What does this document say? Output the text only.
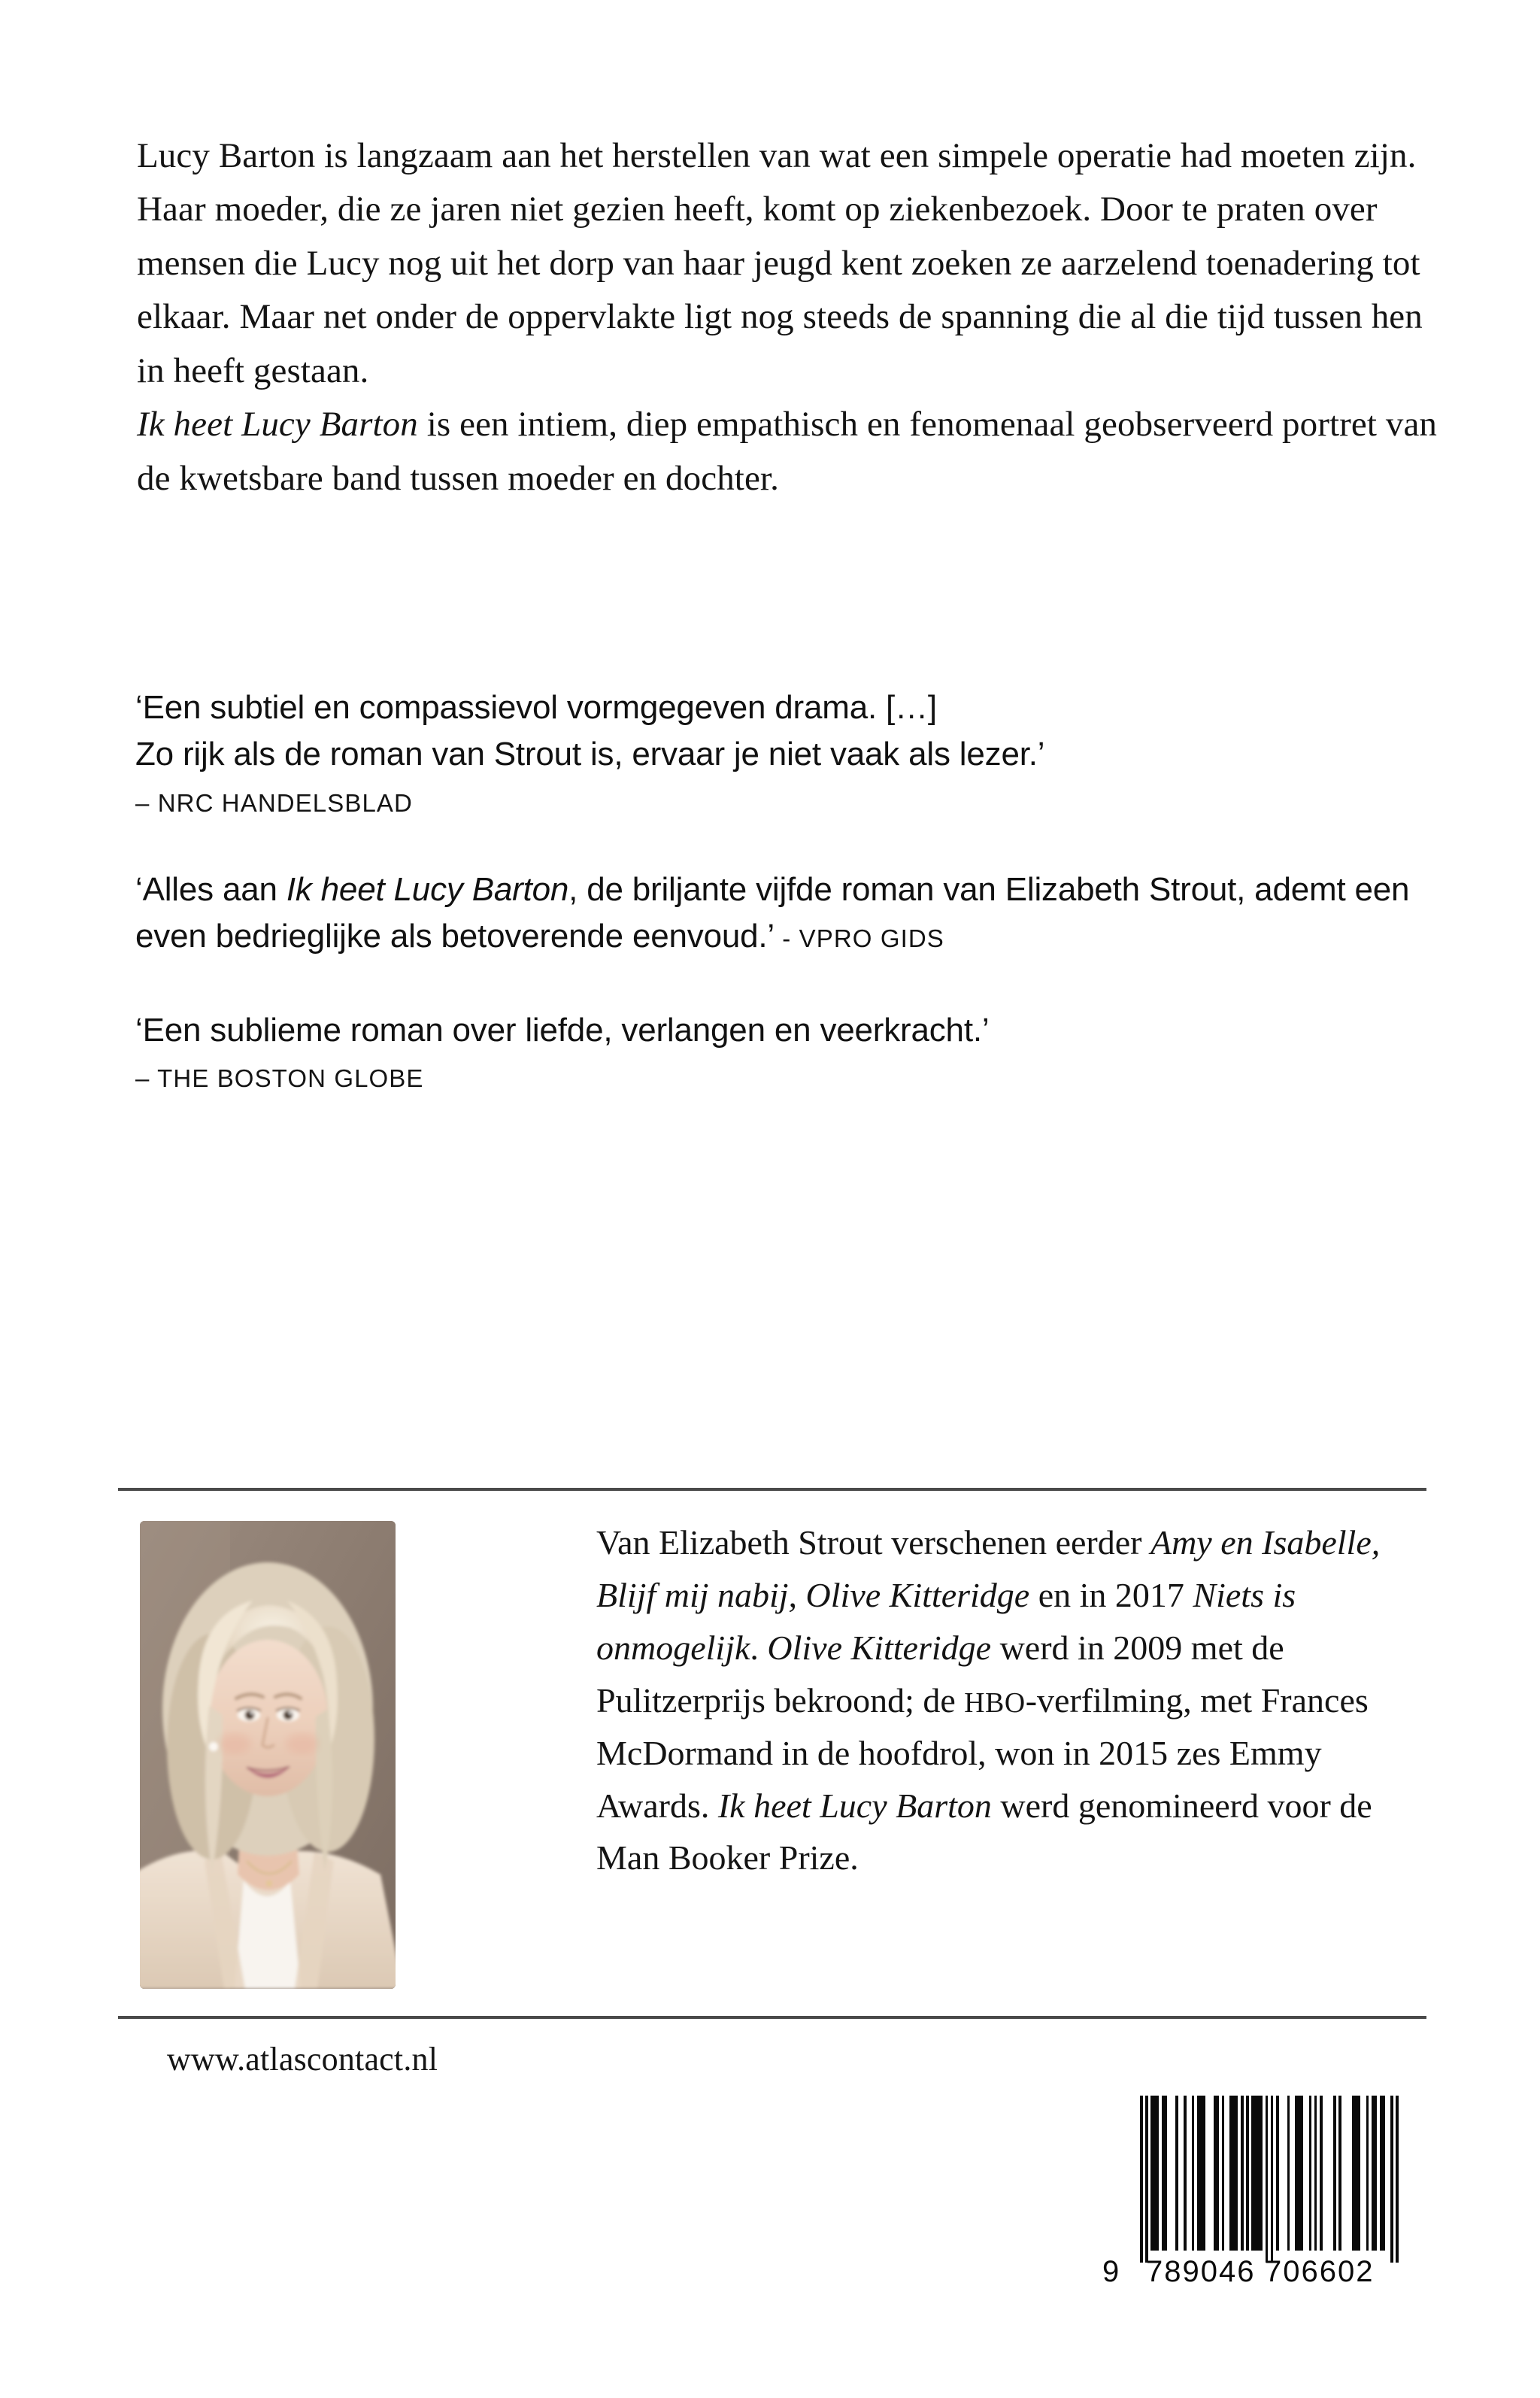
Lucy Barton is langzaam aan het herstellen van wat een simpele operatie had moeten zijn. Haar moeder, die ze jaren niet gezien heeft, komt op ziekenbezoek. Door te praten over mensen die Lucy nog uit het dorp van haar jeugd kent zoeken ze aarzelend toenadering tot elkaar. Maar net onder de oppervlakte ligt nog steeds de spanning die al die tijd tussen hen in heeft gestaan.

Ik heet Lucy Barton is een intiem, diep empathisch en fenomenaal geobserveerd portret van de kwetsbare band tussen moeder en dochter.

‘Een subtiel en compassievol vormgegeven drama. […]
Zo rijk als de roman van Strout is, ervaar je niet vaak als lezer.’
– NRC HANDELSBLAD
‘Alles aan Ik heet Lucy Barton, de briljante vijfde roman van Elizabeth Strout, ademt een even bedrieglijke als betoverende eenvoud.’ - VPRO GIDS
‘Een sublieme roman over liefde, verlangen en veerkracht.’
– THE BOSTON GLOBE

Van Elizabeth Strout verschenen eerder Amy en Isabelle, Blijf mij nabij, Olive Kitteridge en in 2017 Niets is onmogelijk. Olive Kitteridge werd in 2009 met de Pulitzerprijs bekroond; de HBO-verfilming, met Frances McDormand in de hoofdrol, won in 2015 zes Emmy Awards. Ik heet Lucy Barton werd genomineerd voor de Man Booker Prize.

www.atlascontact.nl
9 789046 706602
